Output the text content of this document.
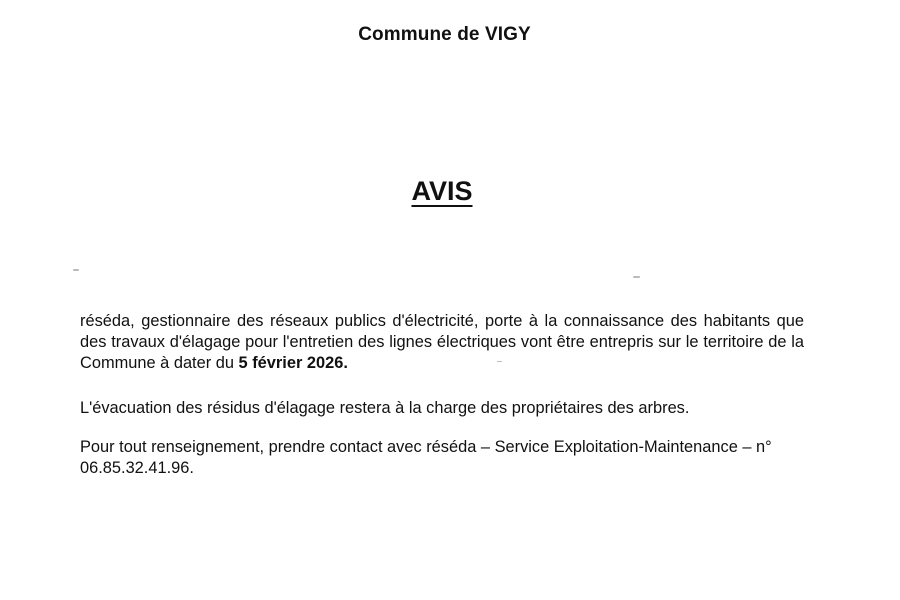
Commune de VIGY
AVIS
réséda, gestionnaire des réseaux publics d'électricité, porte à la connaissance des habitants que des travaux d'élagage pour l'entretien des lignes électriques vont être entrepris sur le territoire de la Commune à dater du 5 février 2026.
L'évacuation des résidus d'élagage restera à la charge des propriétaires des arbres.
Pour tout renseignement, prendre contact avec réséda – Service Exploitation-Maintenance – n° 06.85.32.41.96.
